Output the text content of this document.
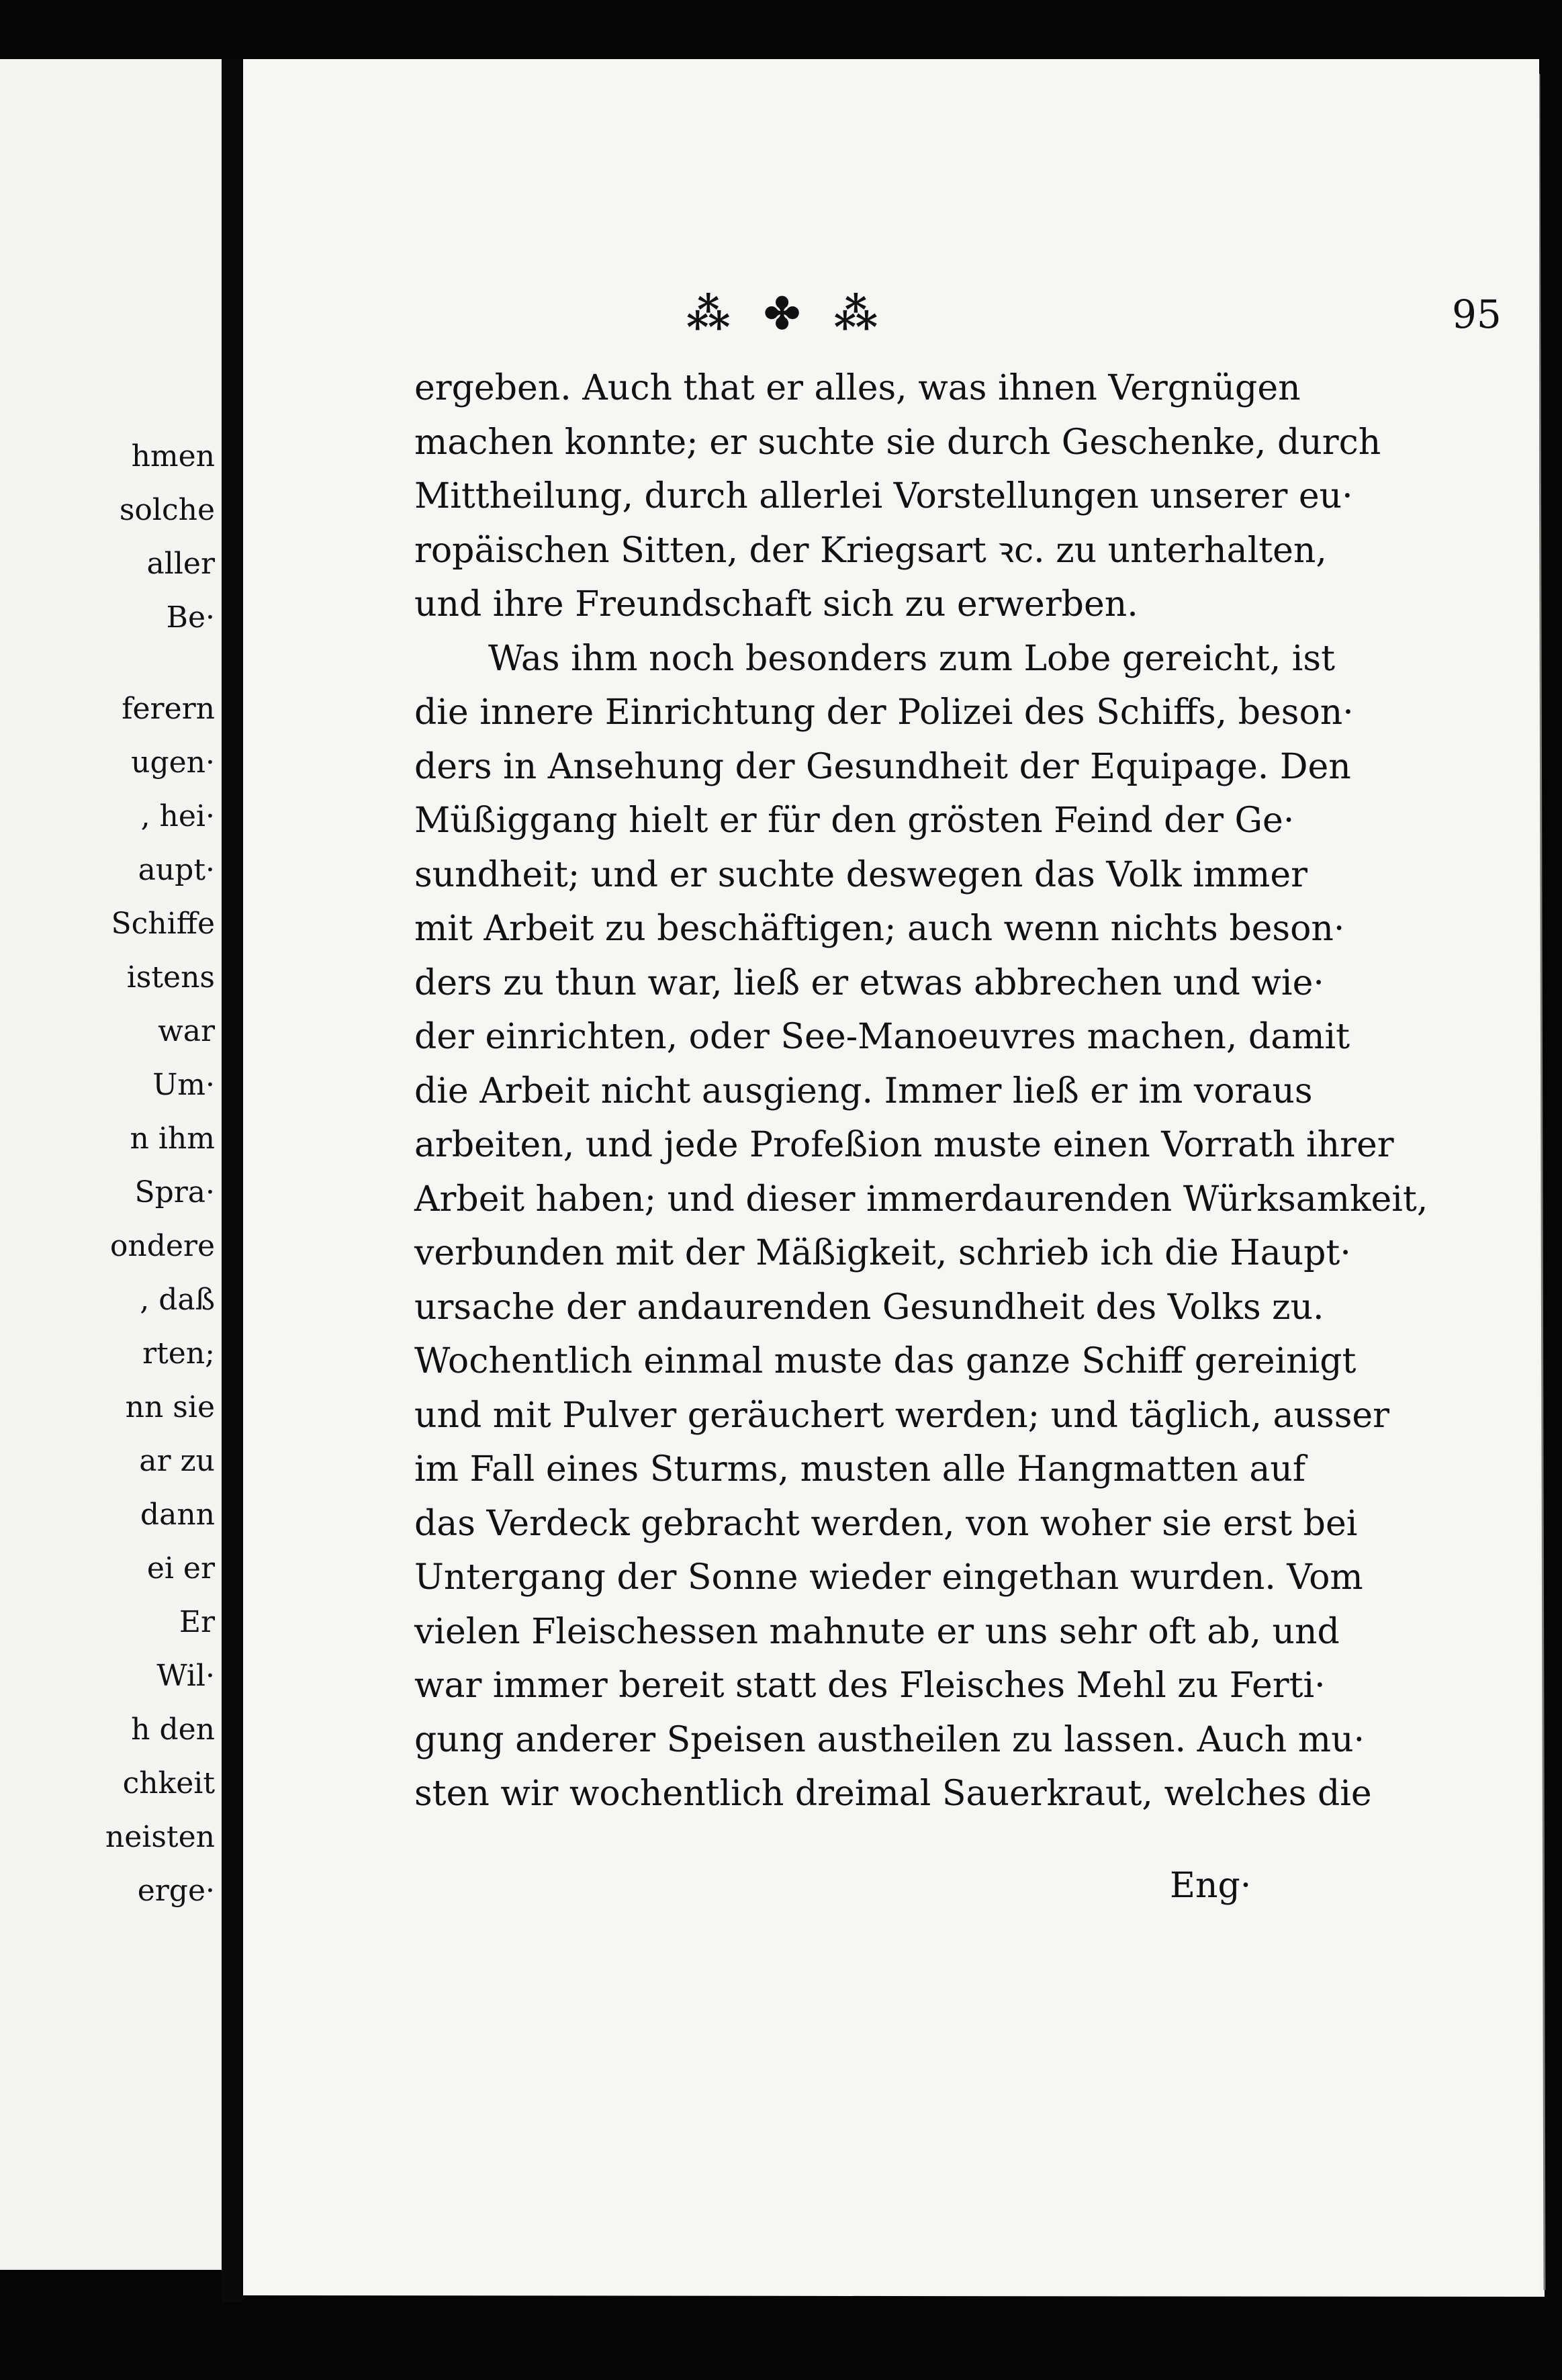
hmen
solche
aller
Be·
ferern
ugen·
, hei·
aupt·
Schiffe
istens
war
Um·
n ihm
Spra·
ondere
, daß
rten;
nn sie
ar zu
dann
ei er
Er
Wil·
h den
chkeit
neisten
erge·
⁂ ✤ ⁂	95
ergeben. Auch that er alles, was ihnen Vergnügen
machen konnte; er suchte sie durch Geschenke, durch
Mittheilung, durch allerlei Vorstellungen unserer eu·
ropäischen Sitten, der Kriegsart ꝛc. zu unterhalten,
und ihre Freundschaft sich zu erwerben.
Was ihm noch besonders zum Lobe gereicht, ist
die innere Einrichtung der Polizei des Schiffs, beson·
ders in Ansehung der Gesundheit der Equipage. Den
Müßiggang hielt er für den grösten Feind der Ge·
sundheit; und er suchte deswegen das Volk immer
mit Arbeit zu beschäftigen; auch wenn nichts beson·
ders zu thun war, ließ er etwas abbrechen und wie·
der einrichten, oder See-Manoeuvres machen, damit
die Arbeit nicht ausgieng. Immer ließ er im voraus
arbeiten, und jede Profeßion muste einen Vorrath ihrer
Arbeit haben; und dieser immerdaurenden Würksamkeit,
verbunden mit der Mäßigkeit, schrieb ich die Haupt·
ursache der andaurenden Gesundheit des Volks zu.
Wochentlich einmal muste das ganze Schiff gereinigt
und mit Pulver geräuchert werden; und täglich, ausser
im Fall eines Sturms, musten alle Hangmatten auf
das Verdeck gebracht werden, von woher sie erst bei
Untergang der Sonne wieder eingethan wurden. Vom
vielen Fleischessen mahnute er uns sehr oft ab, und
war immer bereit statt des Fleisches Mehl zu Ferti·
gung anderer Speisen austheilen zu lassen. Auch mu·
sten wir wochentlich dreimal Sauerkraut, welches die
Eng·
